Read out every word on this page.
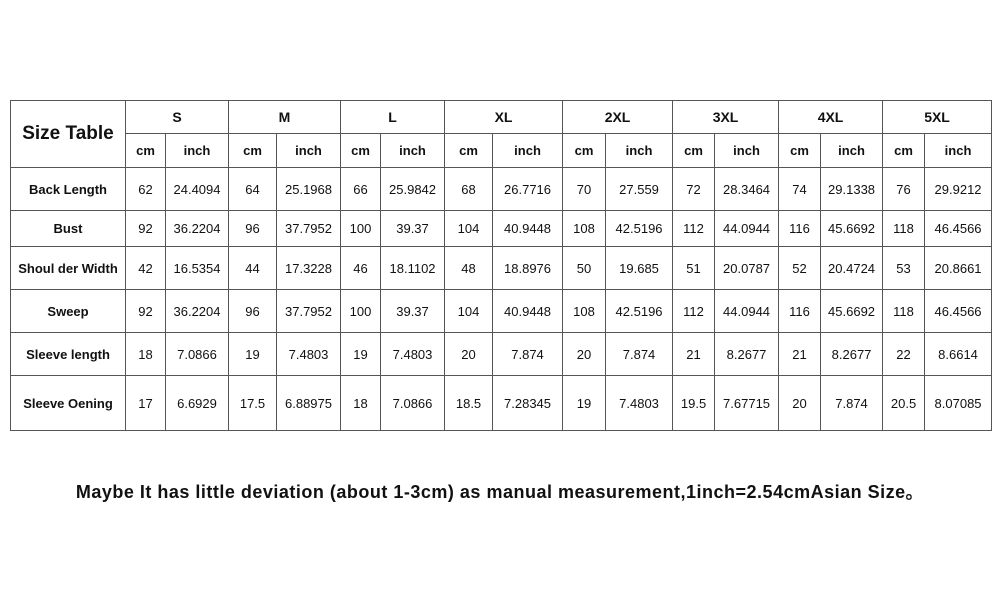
Size Table	S		M		L		XL		2XL		3XL		4XL		5XL	
	cm	inch	cm	inch	cm	inch	cm	inch	cm	inch	cm	inch	cm	inch	cm	inch
Back Length	62	24.4094	64	25.1968	66	25.9842	68	26.7716	70	27.559	72	28.3464	74	29.1338	76	29.9212
Bust	92	36.2204	96	37.7952	100	39.37	104	40.9448	108	42.5196	112	44.0944	116	45.6692	118	46.4566
Shoul der Width	42	16.5354	44	17.3228	46	18.1102	48	18.8976	50	19.685	51	20.0787	52	20.4724	53	20.8661
Sweep	92	36.2204	96	37.7952	100	39.37	104	40.9448	108	42.5196	112	44.0944	116	45.6692	118	46.4566
Sleeve length	18	7.0866	19	7.4803	19	7.4803	20	7.874	20	7.874	21	8.2677	21	8.2677	22	8.6614
Sleeve Oening	17	6.6929	17.5	6.88975	18	7.0866	18.5	7.28345	19	7.4803	19.5	7.67715	20	7.874	20.5	8.07085
Maybe It has little deviation (about 1-3cm) as manual measurement,1inch=2.54cmAsian Size。
